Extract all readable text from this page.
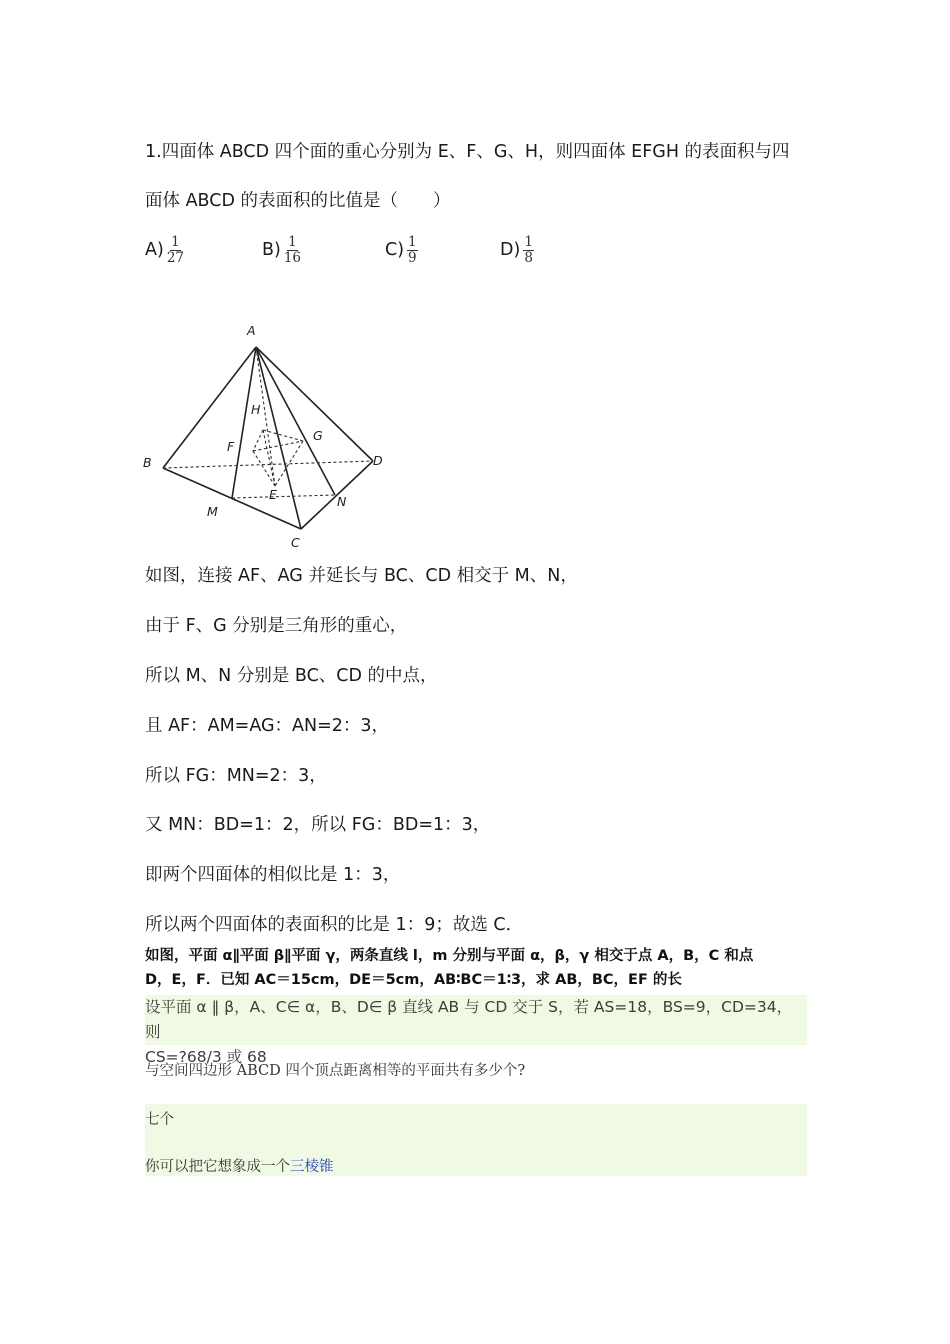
1.四面体 ABCD 四个面的重心分别为 E、F、G、H，则四面体 EFGH 的表面积与四
面体 ABCD 的表面积的比值是（　　）
$A) \frac{1}{27}$	$B) \frac{1}{16}$	$C) \frac{1}{9}$	$D) \frac{1}{8}$
A
B
C
D
E
F
G
H
M
N
如图，连接 AF、AG 并延长与 BC、CD 相交于 M、N，
由于 F、G 分别是三角形的重心，
所以 M、N 分别是 BC、CD 的中点，
且 AF：AM=AG：AN=2：3，
所以 FG：MN=2：3，
又 MN：BD=1：2，所以 FG：BD=1：3，
即两个四面体的相似比是 1：3，
所以两个四面体的表面积的比是 1：9；故选 C．
如图，平面 α∥平面 β∥平面 γ，两条直线 l，m 分别与平面 α，β，γ 相交于点 A，B，C 和点
D，E，F．已知 AC＝15cm，DE＝5cm，AB∶BC＝1∶3，求 AB，BC，EF 的长
设平面 α ‖ β，A、C∈ α，B、D∈ β 直线 AB 与 CD 交于 S，若 AS=18，BS=9，CD=34，则
CS=?68/3 或 68
与空间四边形 ABCD 四个顶点距离相等的平面共有多少个?
七个
你可以把它想象成一个三棱锥
